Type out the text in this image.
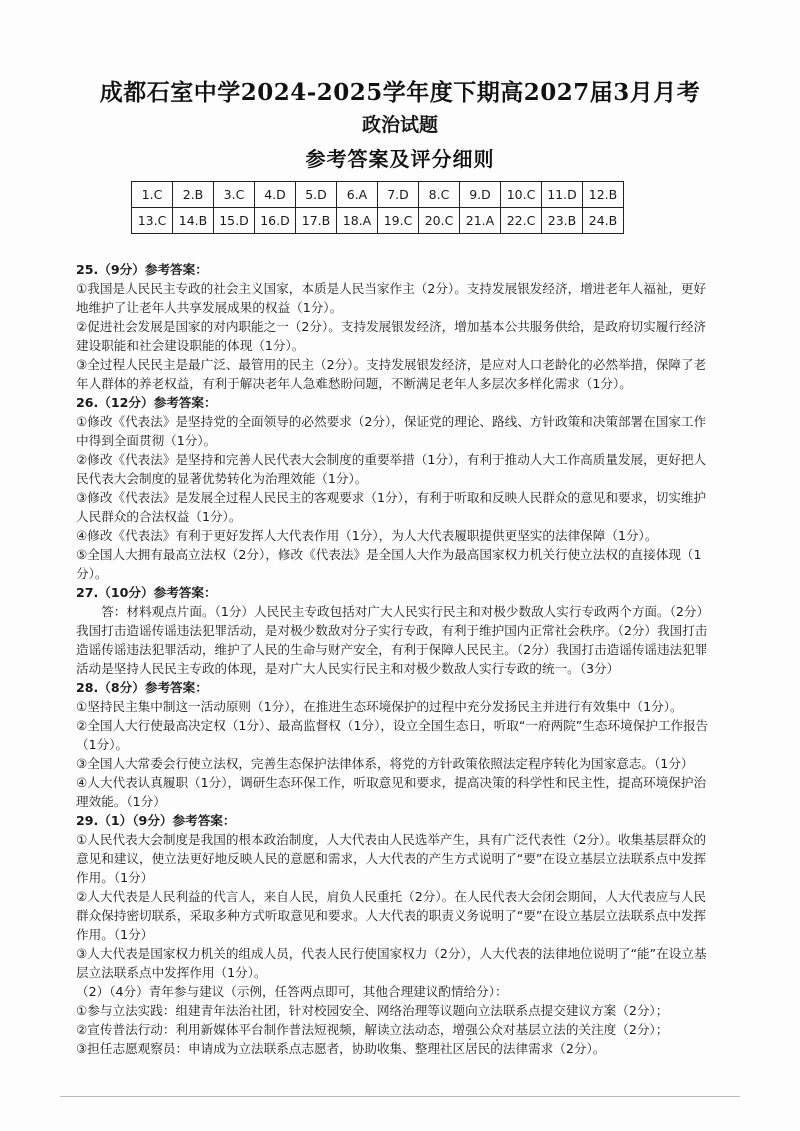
成都石室中学2024-2025学年度下期高2027届3月月考
政治试题
参考答案及评分细则
1.C	2.B	3.C	4.D	5.D	6.A	7.D	8.C	9.D	10.C	11.D	12.B
13.C	14.B	15.D	16.D	17.B	18.A	19.C	20.C	21.A	22.C	23.B	24.B

25.（9分）参考答案：

①我国是人民民主专政的社会主义国家，本质是人民当家作主（2分）。支持发展银发经济，增进老年人福祉，更好地维护了让老年人共享发展成果的权益（1分）。

②促进社会发展是国家的对内职能之一（2分）。支持发展银发经济，增加基本公共服务供给，是政府切实履行经济建设职能和社会建设职能的体现（1分）。

③全过程人民民主是最广泛、最管用的民主（2分）。支持发展银发经济，是应对人口老龄化的必然举措，保障了老年人群体的养老权益，有利于解决老年人急难愁盼问题，不断满足老年人多层次多样化需求（1分）。

26.（12分）参考答案：

①修改《代表法》是坚持党的全面领导的必然要求（2分），保证党的理论、路线、方针政策和决策部署在国家工作中得到全面贯彻（1分）。

②修改《代表法》是坚持和完善人民代表大会制度的重要举措（1分），有利于推动人大工作高质量发展，更好把人民代表大会制度的显著优势转化为治理效能（1分）。

③修改《代表法》是发展全过程人民民主的客观要求（1分），有利于听取和反映人民群众的意见和要求，切实维护人民群众的合法权益（1分）。

④修改《代表法》有利于更好发挥人大代表作用（1分），为人大代表履职提供更坚实的法律保障（1分）。

⑤全国人大拥有最高立法权（2分），修改《代表法》是全国人大作为最高国家权力机关行使立法权的直接体现（1分）。

27.（10分）参考答案：

答：材料观点片面。（1分）人民民主专政包括对广大人民实行民主和对极少数敌人实行专政两个方面。（2分）我国打击造谣传谣违法犯罪活动，是对极少数敌对分子实行专政，有利于维护国内正常社会秩序。（2分）我国打击造谣传谣违法犯罪活动，维护了人民的生命与财产安全，有利于保障人民民主。（2分）我国打击造谣传谣违法犯罪活动是坚持人民民主专政的体现，是对广大人民实行民主和对极少数敌人实行专政的统一。（3分）

28.（8分）参考答案：

①坚持民主集中制这一活动原则（1分），在推进生态环境保护的过程中充分发扬民主并进行有效集中（1分）。

②全国人大行使最高决定权（1分）、最高监督权（1分），设立全国生态日，听取“一府两院”生态环境保护工作报告（1分）。

③全国人大常委会行使立法权，完善生态保护法律体系，将党的方针政策依照法定程序转化为国家意志。（1分）

④人大代表认真履职（1分），调研生态环保工作，听取意见和要求，提高决策的科学性和民主性，提高环境保护治理效能。（1分）

29.（1）（9分）参考答案：

①人民代表大会制度是我国的根本政治制度，人大代表由人民选举产生，具有广泛代表性（2分）。收集基层群众的意见和建议，使立法更好地反映人民的意愿和需求，人大代表的产生方式说明了“要”在设立基层立法联系点中发挥作用。（1分）

②人大代表是人民利益的代言人，来自人民，肩负人民重托（2分）。在人民代表大会闭会期间，人大代表应与人民群众保持密切联系，采取多种方式听取意见和要求。人大代表的职责义务说明了“要”在设立基层立法联系点中发挥作用。（1分）

③人大代表是国家权力机关的组成人员，代表人民行使国家权力（2分），人大代表的法律地位说明了“能”在设立基层立法联系点中发挥作用（1分）。

（2）（4分）青年参与建议（示例，任答两点即可，其他合理建议酌情给分）：

①参与立法实践：组建青年法治社团，针对校园安全、网络治理等议题向立法联系点提交建议方案（2分）；

②宣传普法行动：利用新媒体平台制作普法短视频，解读立法动态，增强公众对基层立法的关注度（2分）；

③担任志愿观察员：申请成为立法联系点志愿者，协助收集、整理社区居民的法律需求（2分）。
